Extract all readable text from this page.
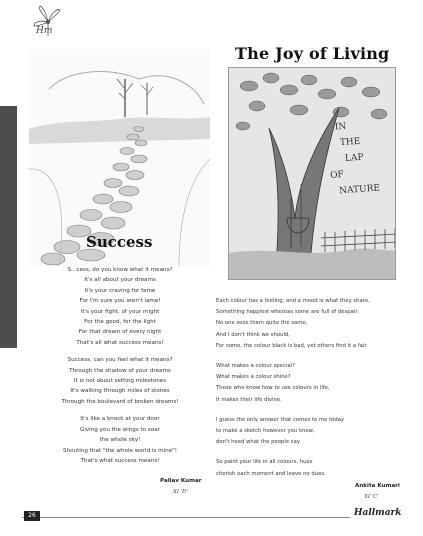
Hm
The Joy of Living
IN
THE
LAP
OF
NATURE
Success
S...cess, do you know what it means?
It's all about your dreams
It's your craving for fame
For I'm sure you aren't lame!
It's your fight, of your might
For the good, for the light
For that dream of every night
That's all what success means!
Success, can you feel what it means?
Through the shadow of your dreams
It is not about setting milestones
It's walking through miles of stones
Through the boulevard of broken dreams!
It's like a knock at your door
Giving you the wings to soar
the whole sky!
Shouting that "the whole world is mine"!
That's what success means!
Pallav Kumar
XI 'D'
Each colour has a feeling, and a mood is what they share,
Something happiest whereas some are full of despair.
No one sees them quite the same,
And I don't think we should,
For some, the colour black is bad, yet others find it a fair.
What makes a colour special?
What makes a colour shine?
Those who know how to use colours in life,
It makes their life divine.
I guess the only answer that comes to me today
to make a sketch however you know,
don't heed what the people say
So paint your life in all colours, hues
cherish each moment and leave no dues.
Ankita Kumari
XI 'C'
26	Hallmark
